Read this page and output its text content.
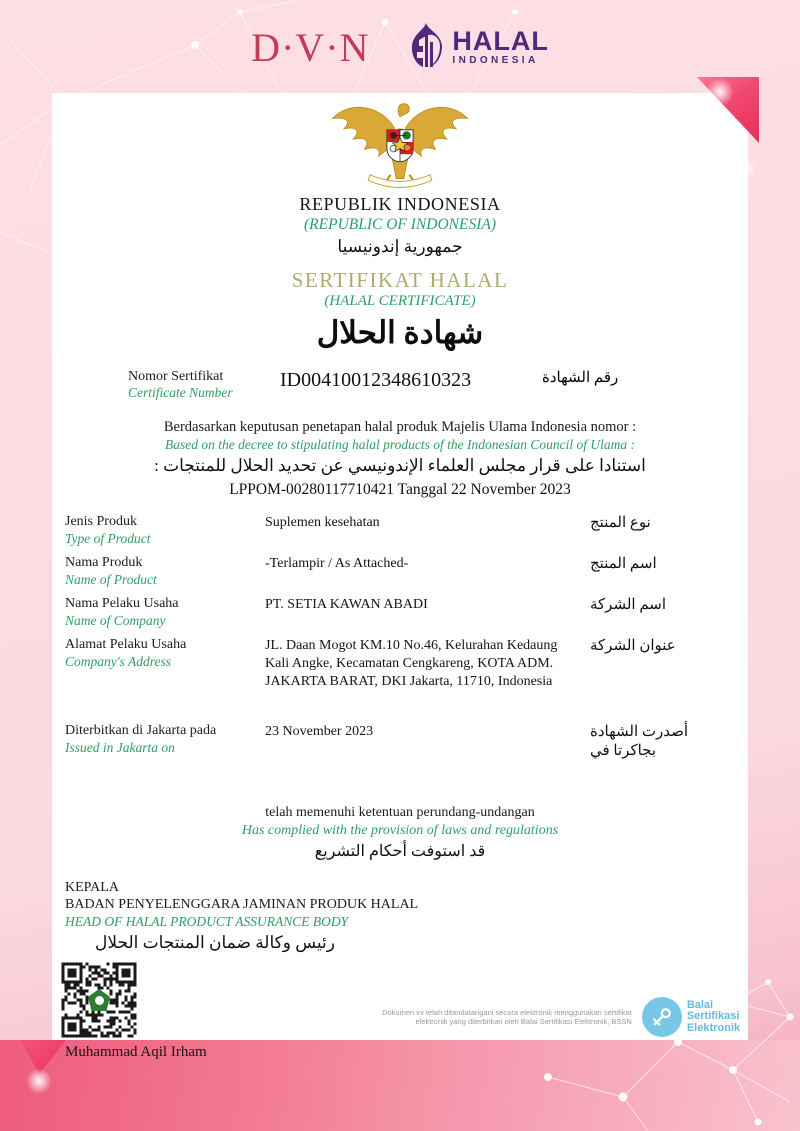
D·V·N	HALAL
INDONESIA
REPUBLIK INDONESIA
(REPUBLIC OF INDONESIA)
جمهورية إندونيسيا
SERTIFIKAT HALAL
(HALAL CERTIFICATE)
شهادة الحلال
Nomor Sertifikat
Certificate Number
ID00410012348610323	رقم الشهادة
Berdasarkan keputusan penetapan halal produk Majelis Ulama Indonesia nomor :
Based on the decree to stipulating halal products of the Indonesian Council of Ulama :
استنادا على قرار مجلس العلماء الإندونيسي عن تحديد الحلال للمنتجات :
LPPOM-00280117710421 Tanggal 22 November 2023
Jenis Produk
Type of Product
Suplemen kesehatan	نوع المنتج
Nama Produk
Name of Product
-Terlampir / As Attached-	اسم المنتج
Nama Pelaku Usaha
Name of Company
PT. SETIA KAWAN ABADI	اسم الشركة
Alamat Pelaku Usaha
Company's Address
JL. Daan Mogot KM.10 No.46, Kelurahan Kedaung Kali Angke, Kecamatan Cengkareng, KOTA ADM. JAKARTA BARAT, DKI Jakarta, 11710, Indonesia
عنوان الشركة
Diterbitkan di Jakarta pada
Issued in Jakarta on
23 November 2023	أصدرت الشهادة بجاكرتا في
telah memenuhi ketentuan perundang-undangan
Has complied with the provision of laws and regulations
قد استوفت أحكام التشريع
KEPALA
BADAN PENYELENGGARA JAMINAN PRODUK HALAL
HEAD OF HALAL PRODUCT ASSURANCE BODY
رئيس وكالة ضمان المنتجات الحلال
Muhammad Aqil Irham
Dokumen ini telah ditandatangani secara elektronik menggunakan sertifikat
elektronik yang diterbitkan oleh Balai Sertifikasi Elektronik, BSSN
Balai
Sertifikasi
Elektronik
